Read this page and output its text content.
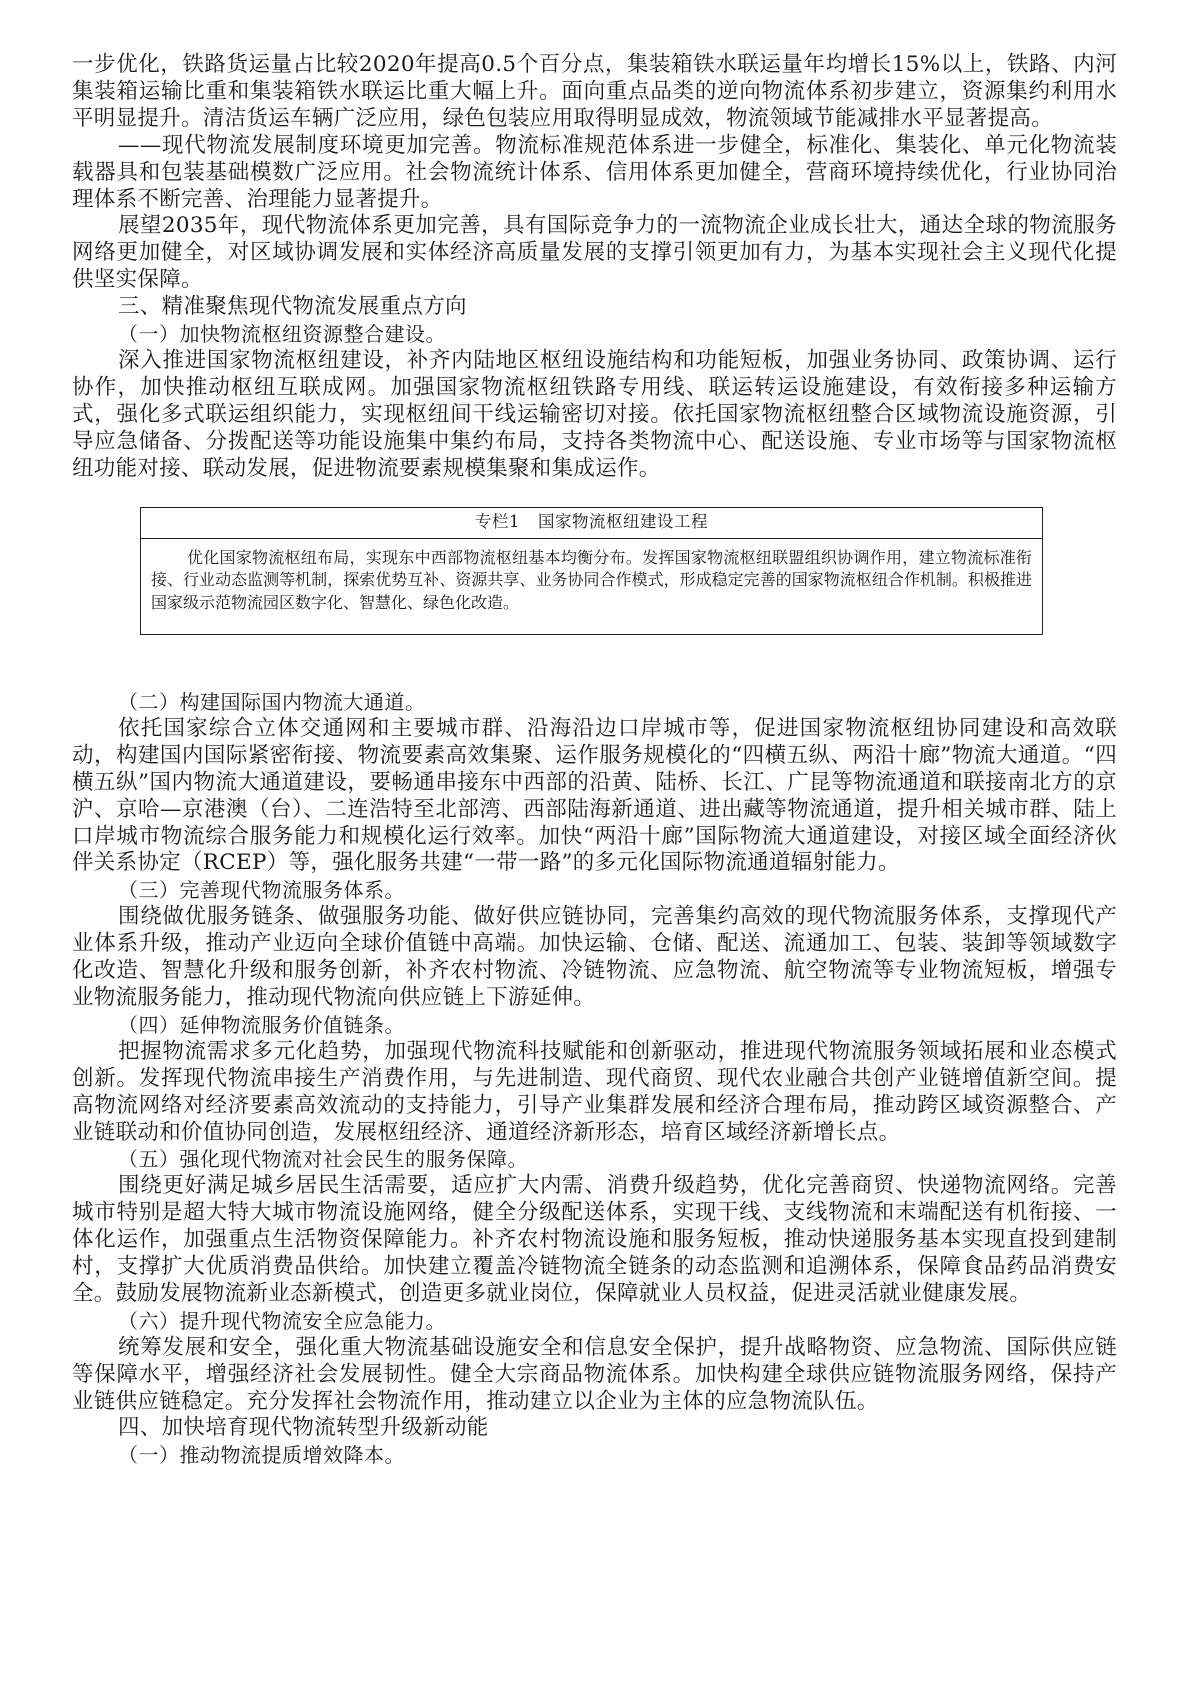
一步优化，铁路货运量占比较2020年提高0.5个百分点，集装箱铁水联运量年均增长15%以上，铁路、内河集装箱运输比重和集装箱铁水联运比重大幅上升。面向重点品类的逆向物流体系初步建立，资源集约利用水平明显提升。清洁货运车辆广泛应用，绿色包装应用取得明显成效，物流领域节能减排水平显著提高。

——现代物流发展制度环境更加完善。物流标准规范体系进一步健全，标准化、集装化、单元化物流装载器具和包装基础模数广泛应用。社会物流统计体系、信用体系更加健全，营商环境持续优化，行业协同治理体系不断完善、治理能力显著提升。

展望2035年，现代物流体系更加完善，具有国际竞争力的一流物流企业成长壮大，通达全球的物流服务网络更加健全，对区域协调发展和实体经济高质量发展的支撑引领更加有力，为基本实现社会主义现代化提供坚实保障。

三、精准聚焦现代物流发展重点方向

（一）加快物流枢纽资源整合建设。

深入推进国家物流枢纽建设，补齐内陆地区枢纽设施结构和功能短板，加强业务协同、政策协调、运行协作，加快推动枢纽互联成网。加强国家物流枢纽铁路专用线、联运转运设施建设，有效衔接多种运输方式，强化多式联运组织能力，实现枢纽间干线运输密切对接。依托国家物流枢纽整合区域物流设施资源，引导应急储备、分拨配送等功能设施集中集约布局，支持各类物流中心、配送设施、专业市场等与国家物流枢纽功能对接、联动发展，促进物流要素规模集聚和集成运作。

专栏1 国家物流枢纽建设工程
优化国家物流枢纽布局，实现东中西部物流枢纽基本均衡分布。发挥国家物流枢纽联盟组织协调作用，建立物流标准衔接、行业动态监测等机制，探索优势互补、资源共享、业务协同合作模式，形成稳定完善的国家物流枢纽合作机制。积极推进国家级示范物流园区数字化、智慧化、绿色化改造。

（二）构建国际国内物流大通道。

依托国家综合立体交通网和主要城市群、沿海沿边口岸城市等，促进国家物流枢纽协同建设和高效联动，构建国内国际紧密衔接、物流要素高效集聚、运作服务规模化的“四横五纵、两沿十廊”物流大通道。“四横五纵”国内物流大通道建设，要畅通串接东中西部的沿黄、陆桥、长江、广昆等物流通道和联接南北方的京沪、京哈—京港澳（台）、二连浩特至北部湾、西部陆海新通道、进出藏等物流通道，提升相关城市群、陆上口岸城市物流综合服务能力和规模化运行效率。加快“两沿十廊”国际物流大通道建设，对接区域全面经济伙伴关系协定（RCEP）等，强化服务共建“一带一路”的多元化国际物流通道辐射能力。

（三）完善现代物流服务体系。

围绕做优服务链条、做强服务功能、做好供应链协同，完善集约高效的现代物流服务体系，支撑现代产业体系升级，推动产业迈向全球价值链中高端。加快运输、仓储、配送、流通加工、包装、装卸等领域数字化改造、智慧化升级和服务创新，补齐农村物流、冷链物流、应急物流、航空物流等专业物流短板，增强专业物流服务能力，推动现代物流向供应链上下游延伸。

（四）延伸物流服务价值链条。

把握物流需求多元化趋势，加强现代物流科技赋能和创新驱动，推进现代物流服务领域拓展和业态模式创新。发挥现代物流串接生产消费作用，与先进制造、现代商贸、现代农业融合共创产业链增值新空间。提高物流网络对经济要素高效流动的支持能力，引导产业集群发展和经济合理布局，推动跨区域资源整合、产业链联动和价值协同创造，发展枢纽经济、通道经济新形态，培育区域经济新增长点。

（五）强化现代物流对社会民生的服务保障。

围绕更好满足城乡居民生活需要，适应扩大内需、消费升级趋势，优化完善商贸、快递物流网络。完善城市特别是超大特大城市物流设施网络，健全分级配送体系，实现干线、支线物流和末端配送有机衔接、一体化运作，加强重点生活物资保障能力。补齐农村物流设施和服务短板，推动快递服务基本实现直投到建制村，支撑扩大优质消费品供给。加快建立覆盖冷链物流全链条的动态监测和追溯体系，保障食品药品消费安全。鼓励发展物流新业态新模式，创造更多就业岗位，保障就业人员权益，促进灵活就业健康发展。

（六）提升现代物流安全应急能力。

统筹发展和安全，强化重大物流基础设施安全和信息安全保护，提升战略物资、应急物流、国际供应链等保障水平，增强经济社会发展韧性。健全大宗商品物流体系。加快构建全球供应链物流服务网络，保持产业链供应链稳定。充分发挥社会物流作用，推动建立以企业为主体的应急物流队伍。

四、加快培育现代物流转型升级新动能

（一）推动物流提质增效降本。
